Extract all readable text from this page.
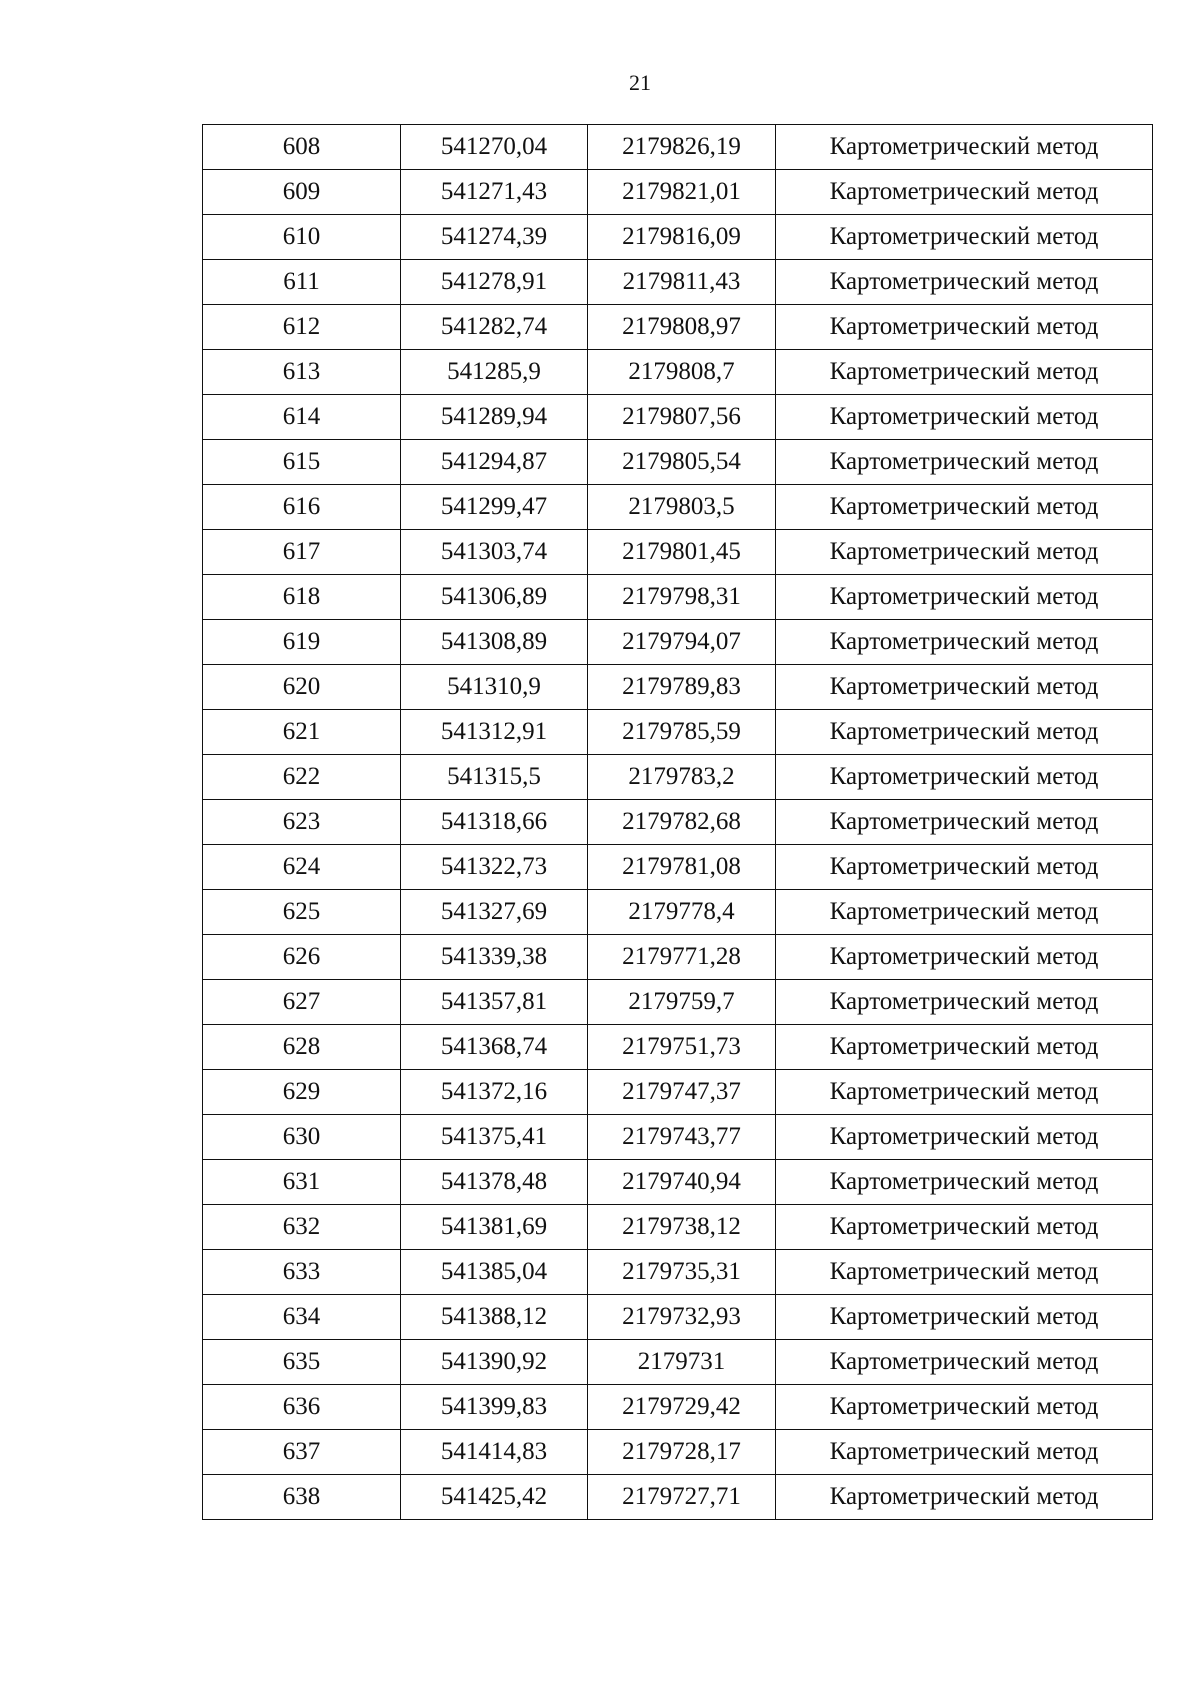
21
608	541270,04	2179826,19	Картометрический метод
609	541271,43	2179821,01	Картометрический метод
610	541274,39	2179816,09	Картометрический метод
611	541278,91	2179811,43	Картометрический метод
612	541282,74	2179808,97	Картометрический метод
613	541285,9	2179808,7	Картометрический метод
614	541289,94	2179807,56	Картометрический метод
615	541294,87	2179805,54	Картометрический метод
616	541299,47	2179803,5	Картометрический метод
617	541303,74	2179801,45	Картометрический метод
618	541306,89	2179798,31	Картометрический метод
619	541308,89	2179794,07	Картометрический метод
620	541310,9	2179789,83	Картометрический метод
621	541312,91	2179785,59	Картометрический метод
622	541315,5	2179783,2	Картометрический метод
623	541318,66	2179782,68	Картометрический метод
624	541322,73	2179781,08	Картометрический метод
625	541327,69	2179778,4	Картометрический метод
626	541339,38	2179771,28	Картометрический метод
627	541357,81	2179759,7	Картометрический метод
628	541368,74	2179751,73	Картометрический метод
629	541372,16	2179747,37	Картометрический метод
630	541375,41	2179743,77	Картометрический метод
631	541378,48	2179740,94	Картометрический метод
632	541381,69	2179738,12	Картометрический метод
633	541385,04	2179735,31	Картометрический метод
634	541388,12	2179732,93	Картометрический метод
635	541390,92	2179731	Картометрический метод
636	541399,83	2179729,42	Картометрический метод
637	541414,83	2179728,17	Картометрический метод
638	541425,42	2179727,71	Картометрический метод
